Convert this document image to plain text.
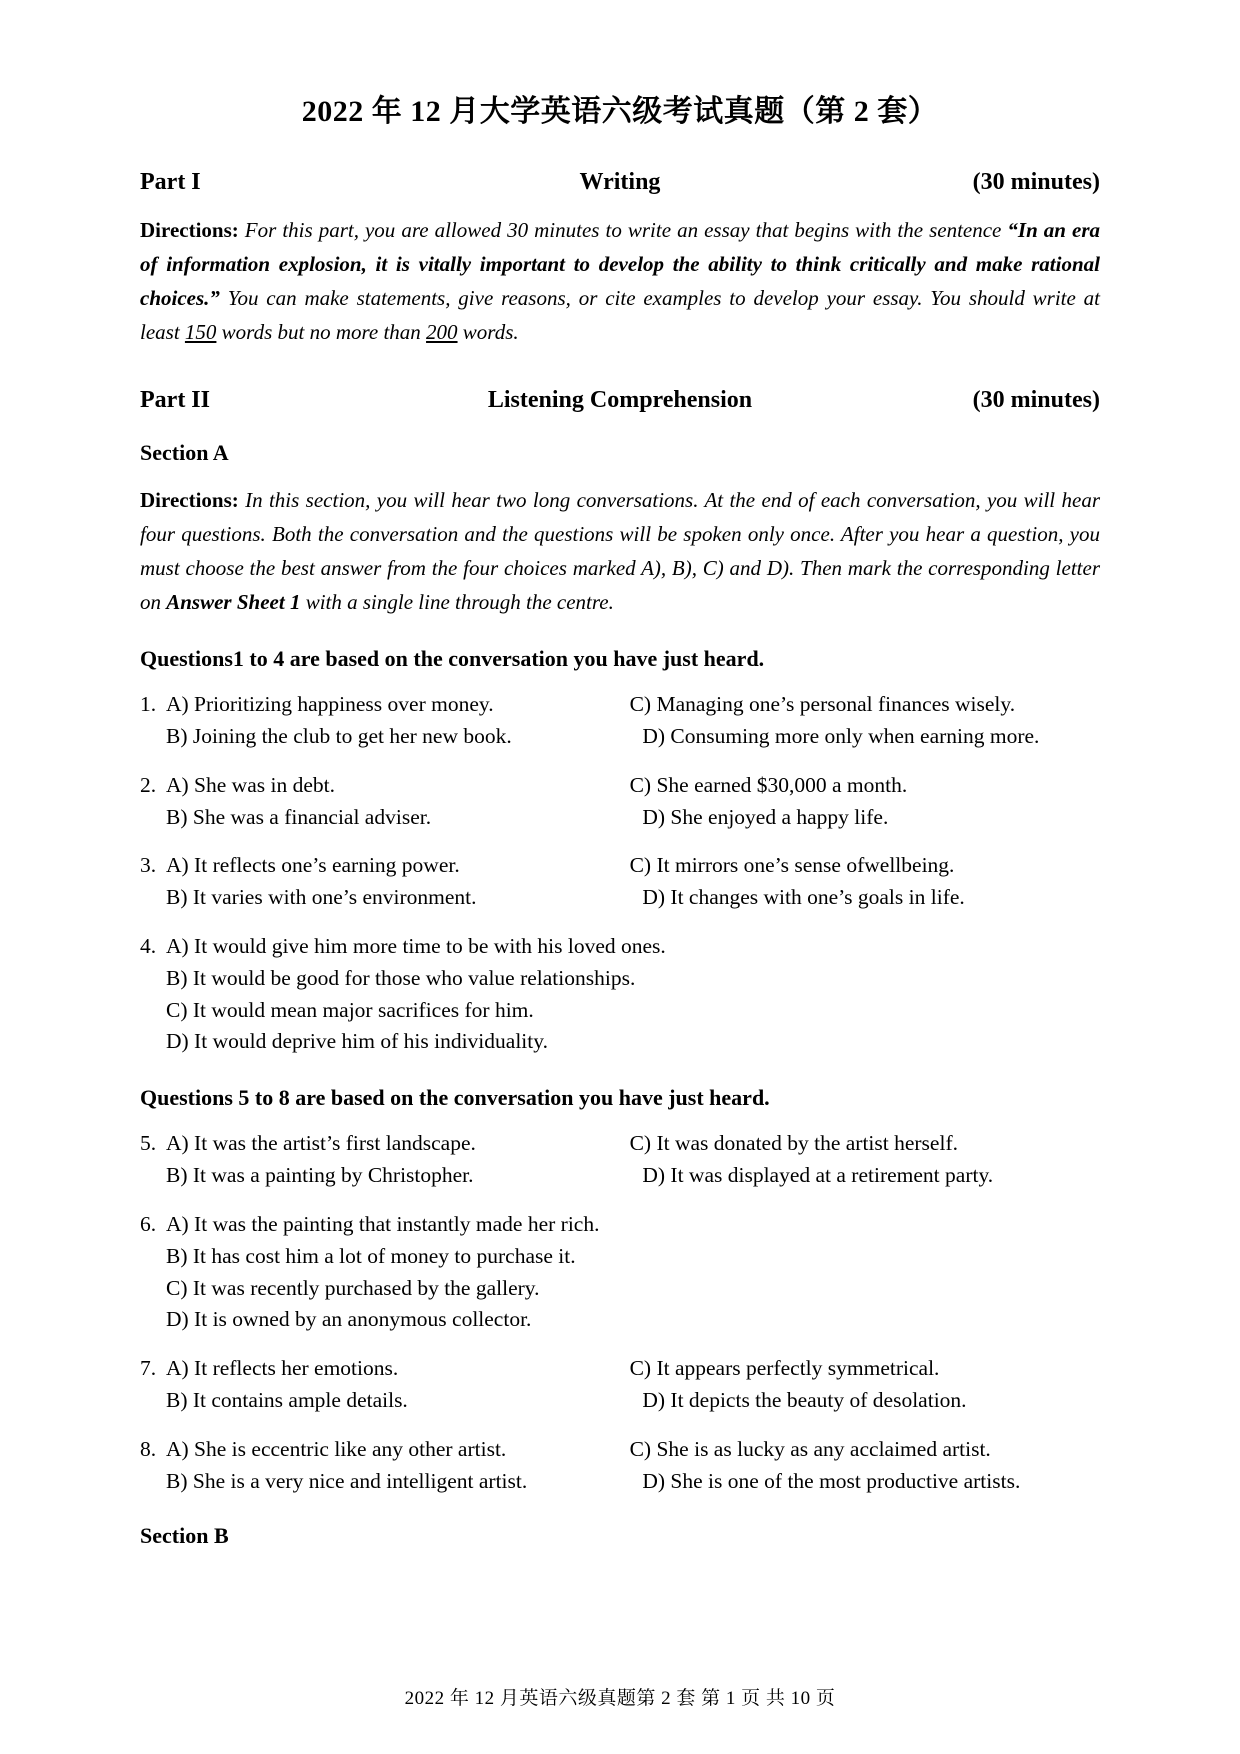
2022 年 12 月大学英语六级考试真题（第 2 套）
Part I	Writing	(30 minutes)

Directions: For this part, you are allowed 30 minutes to write an essay that begins with the sentence “In an era of information explosion, it is vitally important to develop the ability to think critically and make rational choices.” You can make statements, give reasons, or cite examples to develop your essay. You should write at least 150 words but no more than 200 words.

Part II	Listening Comprehension	(30 minutes)
Section A

Directions: In this section, you will hear two long conversations. At the end of each conversation, you will hear four questions. Both the conversation and the questions will be spoken only once. After you hear a question, you must choose the best answer from the four choices marked A), B), C) and D). Then mark the corresponding letter on Answer Sheet 1 with a single line through the centre.

Questions1 to 4 are based on the conversation you have just heard.
1. A) Prioritizing happiness over money.	C) Managing one’s personal finances wisely.
B) Joining the club to get her new book.	D) Consuming more only when earning more.
2. A) She was in debt.	C) She earned $30,000 a month.
B) She was a financial adviser.	D) She enjoyed a happy life.
3. A) It reflects one’s earning power.	C) It mirrors one’s sense ofwellbeing.
B) It varies with one’s environment.	D) It changes with one’s goals in life.
4. A) It would give him more time to be with his loved ones.
B) It would be good for those who value relationships.
C) It would mean major sacrifices for him.
D) It would deprive him of his individuality.
Questions 5 to 8 are based on the conversation you have just heard.
5. A) It was the artist’s first landscape.	C) It was donated by the artist herself.
B) It was a painting by Christopher.	D) It was displayed at a retirement party.
6. A) It was the painting that instantly made her rich.
B) It has cost him a lot of money to purchase it.
C) It was recently purchased by the gallery.
D) It is owned by an anonymous collector.
7. A) It reflects her emotions.	C) It appears perfectly symmetrical.
B) It contains ample details.	D) It depicts the beauty of desolation.
8. A) She is eccentric like any other artist.	C) She is as lucky as any acclaimed artist.
B) She is a very nice and intelligent artist.	D) She is one of the most productive artists.
Section B
2022 年 12 月英语六级真题第 2 套 第 1 页 共 10 页
